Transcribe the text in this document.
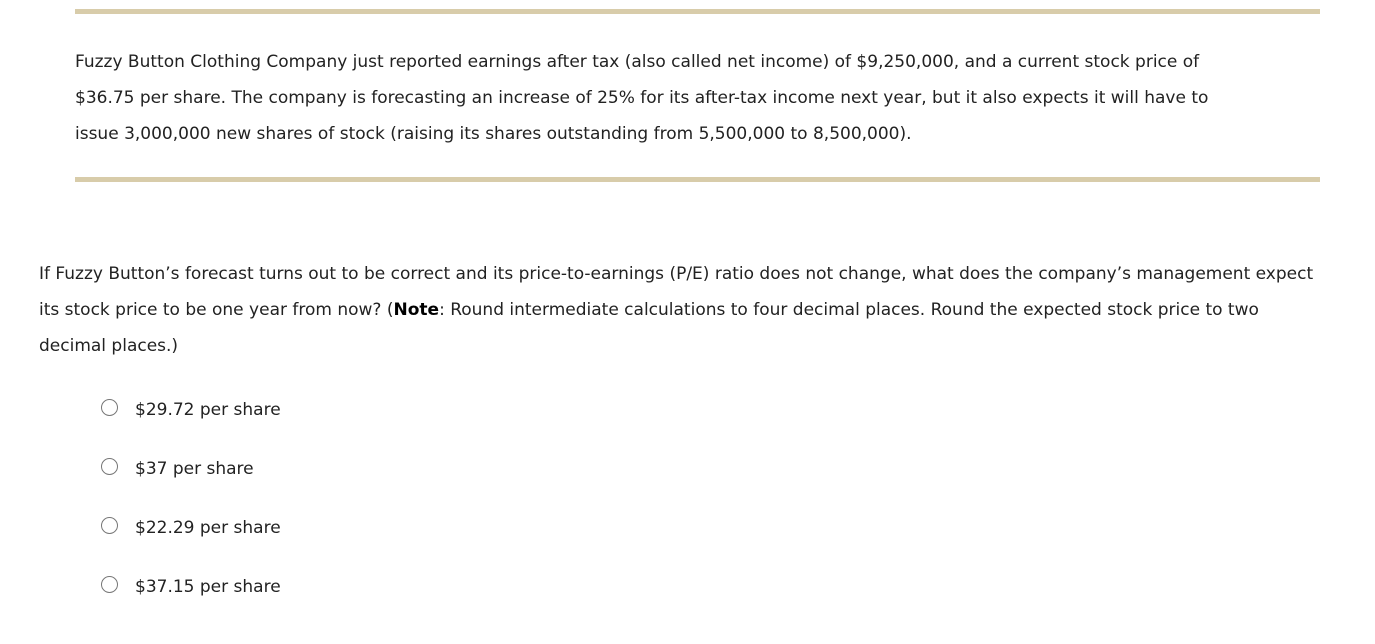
Fuzzy Button Clothing Company just reported earnings after tax (also called net income) of $9,250,000, and a current stock price of
$36.75 per share. The company is forecasting an increase of 25% for its after-tax income next year, but it also expects it will have to
issue 3,000,000 new shares of stock (raising its shares outstanding from 5,500,000 to 8,500,000).

If Fuzzy Button’s forecast turns out to be correct and its price-to-earnings (P/E) ratio does not change, what does the company’s management expect
its stock price to be one year from now? (Note: Round intermediate calculations to four decimal places. Round the expected stock price to two
decimal places.)

$29.72 per share
$37 per share
$22.29 per share
$37.15 per share
